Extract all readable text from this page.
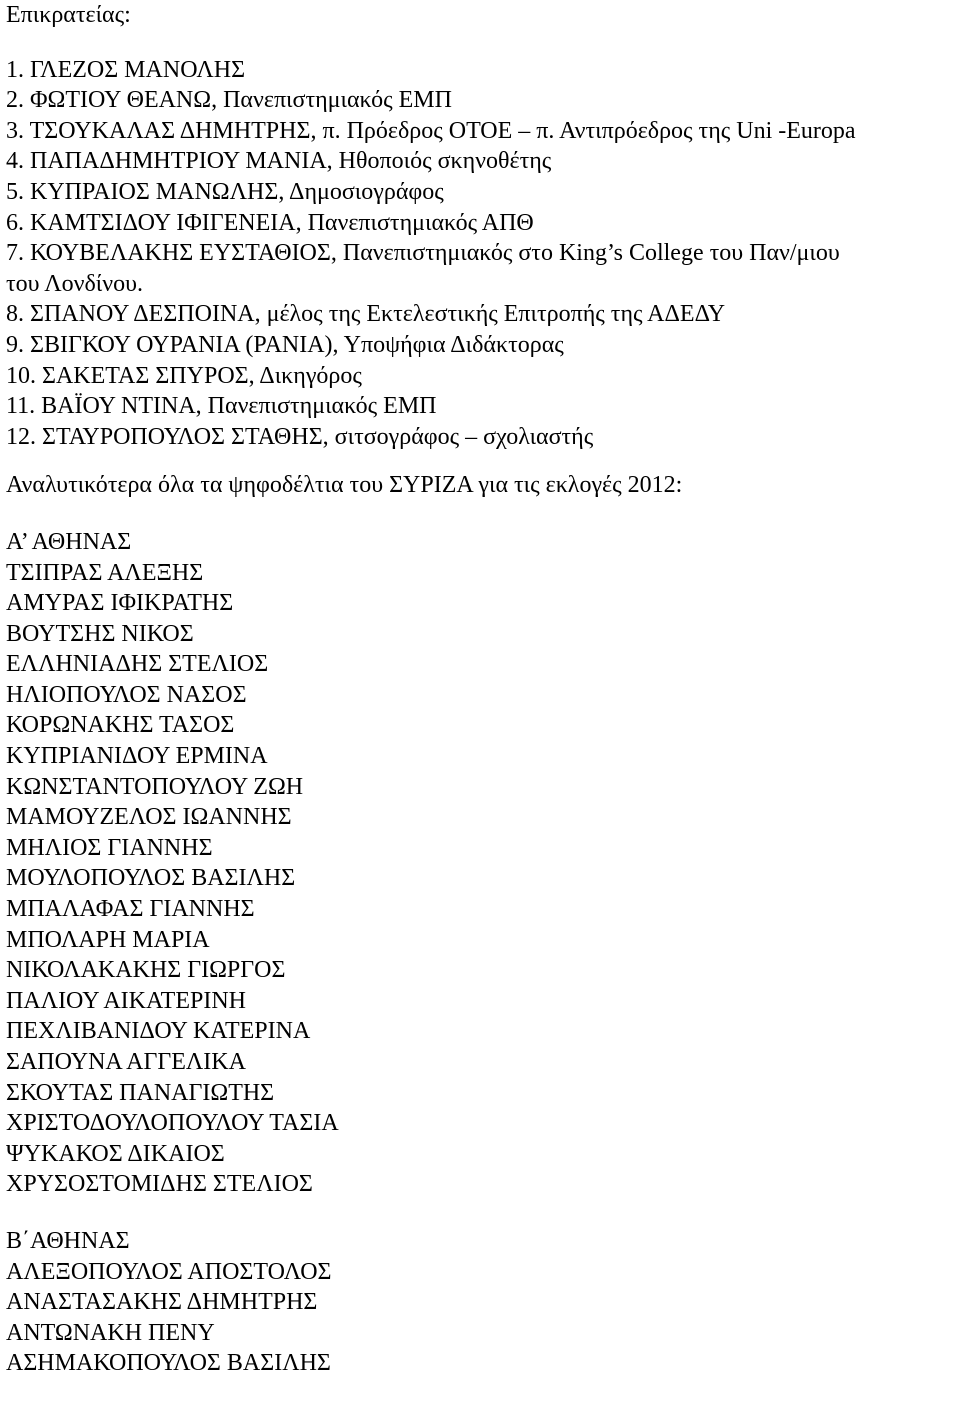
Επικρατείας:
1. ΓΛΕΖΟΣ ΜΑΝΟΛΗΣ
2. ΦΩΤΙΟΥ ΘΕΑΝΩ, Πανεπιστημιακός ΕΜΠ
3. ΤΣΟΥΚΑΛΑΣ ΔΗΜΗΤΡΗΣ, π. Πρόεδρος ΟΤΟΕ – π. Αντιπρόεδρος της Uni -Europa
4. ΠΑΠΑΔΗΜΗΤΡΙΟΥ ΜΑΝΙΑ, Ηθοποιός σκηνοθέτης
5. ΚΥΠΡΑΙΟΣ ΜΑΝΩΛΗΣ, Δημοσιογράφος
6. ΚΑΜΤΣΙΔΟΥ ΙΦΙΓΕΝΕΙΑ, Πανεπιστημιακός ΑΠΘ
7. ΚΟΥΒΕΛΑΚΗΣ ΕΥΣΤΑΘΙΟΣ, Πανεπιστημιακός στο King’s College του Παν/μιου
του Λονδίνου.
8. ΣΠΑΝΟΥ ΔΕΣΠΟΙΝΑ, μέλος της Εκτελεστικής Επιτροπής της ΑΔΕΔΥ
9. ΣΒΙΓΚΟΥ ΟΥΡΑΝΙΑ (ΡΑΝΙΑ), Υποψήφια Διδάκτορας
10. ΣΑΚΕΤΑΣ ΣΠΥΡΟΣ, Δικηγόρος
11. ΒΑΪΟΥ ΝΤΙΝΑ, Πανεπιστημιακός ΕΜΠ
12. ΣΤΑΥΡΟΠΟΥΛΟΣ ΣΤΑΘΗΣ, σιτσογράφος – σχολιαστής
Αναλυτικότερα όλα τα ψηφοδέλτια του ΣΥΡΙΖΑ για τις εκλογές 2012:
Α’ ΑΘΗΝΑΣ
ΤΣΙΠΡΑΣ ΑΛΕΞΗΣ
ΑΜΥΡΑΣ ΙΦΙΚΡΑΤΗΣ
ΒΟΥΤΣΗΣ ΝΙΚΟΣ
ΕΛΛΗΝΙΑΔΗΣ ΣΤΕΛΙΟΣ
ΗΛΙΟΠΟΥΛΟΣ ΝΑΣΟΣ
ΚΟΡΩΝΑΚΗΣ ΤΑΣΟΣ
ΚΥΠΡΙΑΝΙΔΟΥ ΕΡΜΙΝΑ
ΚΩΝΣΤΑΝΤΟΠΟΥΛΟΥ ΖΩΗ
ΜΑΜΟΥΖΕΛΟΣ ΙΩΑΝΝΗΣ
ΜΗΛΙΟΣ ΓΙΑΝΝΗΣ
ΜΟΥΛΟΠΟΥΛΟΣ ΒΑΣΙΛΗΣ
ΜΠΑΛΑΦΑΣ ΓΙΑΝΝΗΣ
ΜΠΟΛΑΡΗ ΜΑΡΙΑ
ΝΙΚΟΛΑΚΑΚΗΣ ΓΙΩΡΓΟΣ
ΠΑΛΙΟΥ ΑΙΚΑΤΕΡΙΝΗ
ΠΕΧΛΙΒΑΝΙΔΟΥ ΚΑΤΕΡΙΝΑ
ΣΑΠΟΥΝΑ ΑΓΓΕΛΙΚΑ
ΣΚΟΥΤΑΣ ΠΑΝΑΓΙΩΤΗΣ
ΧΡΙΣΤΟΔΟΥΛΟΠΟΥΛΟΥ ΤΑΣΙΑ
ΨΥΚΑΚΟΣ ΔΙΚΑΙΟΣ
ΧΡΥΣΟΣΤΟΜΙΔΗΣ ΣΤΕΛΙΟΣ
Β΄ΑΘΗΝΑΣ
ΑΛΕΞΟΠΟΥΛΟΣ ΑΠΟΣΤΟΛΟΣ
ΑΝΑΣΤΑΣΑΚΗΣ ΔΗΜΗΤΡΗΣ
ΑΝΤΩΝΑΚΗ ΠΕΝΥ
ΑΣΗΜΑΚΟΠΟΥΛΟΣ ΒΑΣΙΛΗΣ
